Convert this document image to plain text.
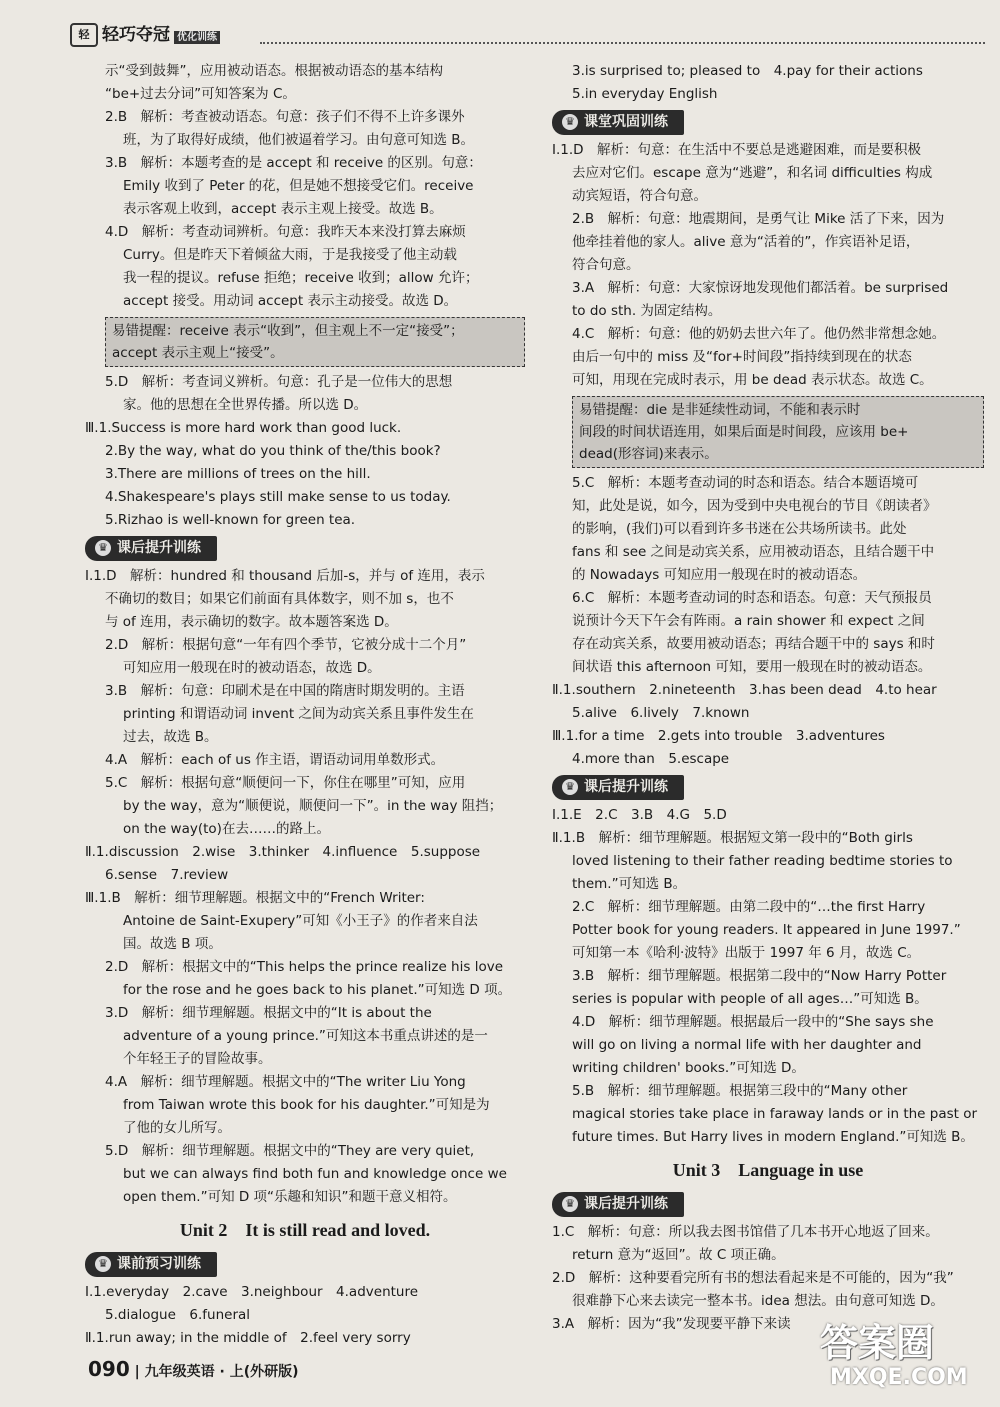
轻 轻巧夺冠 优化训练

示“受到鼓舞”，应用被动语态。根据被动语态的基本结构

“be+过去分词”可知答案为 C。

2.B　解析：考查被动语态。句意：孩子们不得不上许多课外

班，为了取得好成绩，他们被逼着学习。由句意可知选 B。

3.B　解析：本题考查的是 accept 和 receive 的区别。句意：

Emily 收到了 Peter 的花，但是她不想接受它们。receive

表示客观上收到，accept 表示主观上接受。故选 B。

4.D　解析：考查动词辨析。句意：我昨天本来没打算去麻烦

Curry。但是昨天下着倾盆大雨，于是我接受了他主动载

我一程的提议。refuse 拒绝；receive 收到；allow 允许；

accept 接受。用动词 accept 表示主动接受。故选 D。

易错提醒：receive 表示“收到”，但主观上不一定“接受”；
accept 表示主观上“接受”。

5.D　解析：考查词义辨析。句意：孔子是一位伟大的思想

家。他的思想在全世界传播。所以选 D。

Ⅲ.1.Success is more hard work than good luck.

2.By the way, what do you think of the/this book?

3.There are millions of trees on the hill.

4.Shakespeare's plays still make sense to us today.

5.Rizhao is well-known for green tea.

♛ 课后提升训练

Ⅰ.1.D　解析：hundred 和 thousand 后加-s，并与 of 连用，表示

不确切的数目；如果它们前面有具体数字，则不加 s，也不

与 of 连用，表示确切的数字。故本题答案选 D。

2.D　解析：根据句意“一年有四个季节，它被分成十二个月”

可知应用一般现在时的被动语态，故选 D。

3.B　解析：句意：印刷术是在中国的隋唐时期发明的。主语

printing 和谓语动词 invent 之间为动宾关系且事件发生在

过去，故选 B。

4.A　解析：each of us 作主语，谓语动词用单数形式。

5.C　解析：根据句意“顺便问一下，你住在哪里”可知，应用

by the way，意为“顺便说，顺便问一下”。in the way 阻挡；

on the way(to)在去……的路上。

Ⅱ.1.discussion　2.wise　3.thinker　4.influence　5.suppose

6.sense　7.review

Ⅲ.1.B　解析：细节理解题。根据文中的“French Writer:

Antoine de Saint-Exupery”可知《小王子》的作者来自法

国。故选 B 项。

2.D　解析：根据文中的“This helps the prince realize his love

for the rose and he goes back to his planet.”可知选 D 项。

3.D　解析：细节理解题。根据文中的“It is about the

adventure of a young prince.”可知这本书重点讲述的是一

个年轻王子的冒险故事。

4.A　解析：细节理解题。根据文中的“The writer Liu Yong

from Taiwan wrote this book for his daughter.”可知是为

了他的女儿所写。

5.D　解析：细节理解题。根据文中的“They are very quiet,

but we can always find both fun and knowledge once we

open them.”可知 D 项“乐趣和知识”和题干意义相符。

Unit 2　It is still read and loved.
♛ 课前预习训练

Ⅰ.1.everyday　2.cave　3.neighbour　4.adventure

5.dialogue　6.funeral

Ⅱ.1.run away; in the middle of　2.feel very sorry

3.is surprised to; pleased to　4.pay for their actions

5.in everyday English

♛ 课堂巩固训练

Ⅰ.1.D　解析：句意：在生活中不要总是逃避困难，而是要积极

去应对它们。escape 意为“逃避”，和名词 difficulties 构成

动宾短语，符合句意。

2.B　解析：句意：地震期间，是勇气让 Mike 活了下来，因为

他牵挂着他的家人。alive 意为“活着的”，作宾语补足语，

符合句意。

3.A　解析：句意：大家惊讶地发现他们都活着。be surprised

to do sth. 为固定结构。

4.C　解析：句意：他的奶奶去世六年了。他仍然非常想念她。

由后一句中的 miss 及“for+时间段”指持续到现在的状态

可知，用现在完成时表示，用 be dead 表示状态。故选 C。

易错提醒：die 是非延续性动词，不能和表示时
间段的时间状语连用，如果后面是时间段，应该用 be+
dead(形容词)来表示。

5.C　解析：本题考查动词的时态和语态。结合本题语境可

知，此处是说，如今，因为受到中央电视台的节目《朗读者》

的影响，(我们)可以看到许多书迷在公共场所读书。此处

fans 和 see 之间是动宾关系，应用被动语态，且结合题干中

的 Nowadays 可知应用一般现在时的被动语态。

6.C　解析：本题考查动词的时态和语态。句意：天气预报员

说预计今天下午会有阵雨。a rain shower 和 expect 之间

存在动宾关系，故要用被动语态；再结合题干中的 says 和时

间状语 this afternoon 可知，要用一般现在时的被动语态。

Ⅱ.1.southern　2.nineteenth　3.has been dead　4.to hear

5.alive　6.lively　7.known

Ⅲ.1.for a time　2.gets into trouble　3.adventures

4.more than　5.escape

♛ 课后提升训练

Ⅰ.1.E　2.C　3.B　4.G　5.D

Ⅱ.1.B　解析：细节理解题。根据短文第一段中的“Both girls

loved listening to their father reading bedtime stories to

them.”可知选 B。

2.C　解析：细节理解题。由第二段中的“…the first Harry

Potter book for young readers. It appeared in June 1997.”

可知第一本《哈利·波特》出版于 1997 年 6 月，故选 C。

3.B　解析：细节理解题。根据第二段中的“Now Harry Potter

series is popular with people of all ages…”可知选 B。

4.D　解析：细节理解题。根据最后一段中的“She says she

will go on living a normal life with her daughter and

writing children' books.”可知选 D。

5.B　解析：细节理解题。根据第三段中的“Many other

magical stories take place in faraway lands or in the past or

future times. But Harry lives in modern England.”可知选 B。

Unit 3　Language in use
♛ 课后提升训练

1.C　解析：句意：所以我去图书馆借了几本书开心地返了回来。

return 意为“返回”。故 C 项正确。

2.D　解析：这种要看完所有书的想法看起来是不可能的，因为“我”

很难静下心来去读完一整本书。idea 想法。由句意可知选 D。

3.A　解析：因为“我”发现要平静下来读

090 | 九年级英语 · 上(外研版)
答案圈
MXQE.COM
